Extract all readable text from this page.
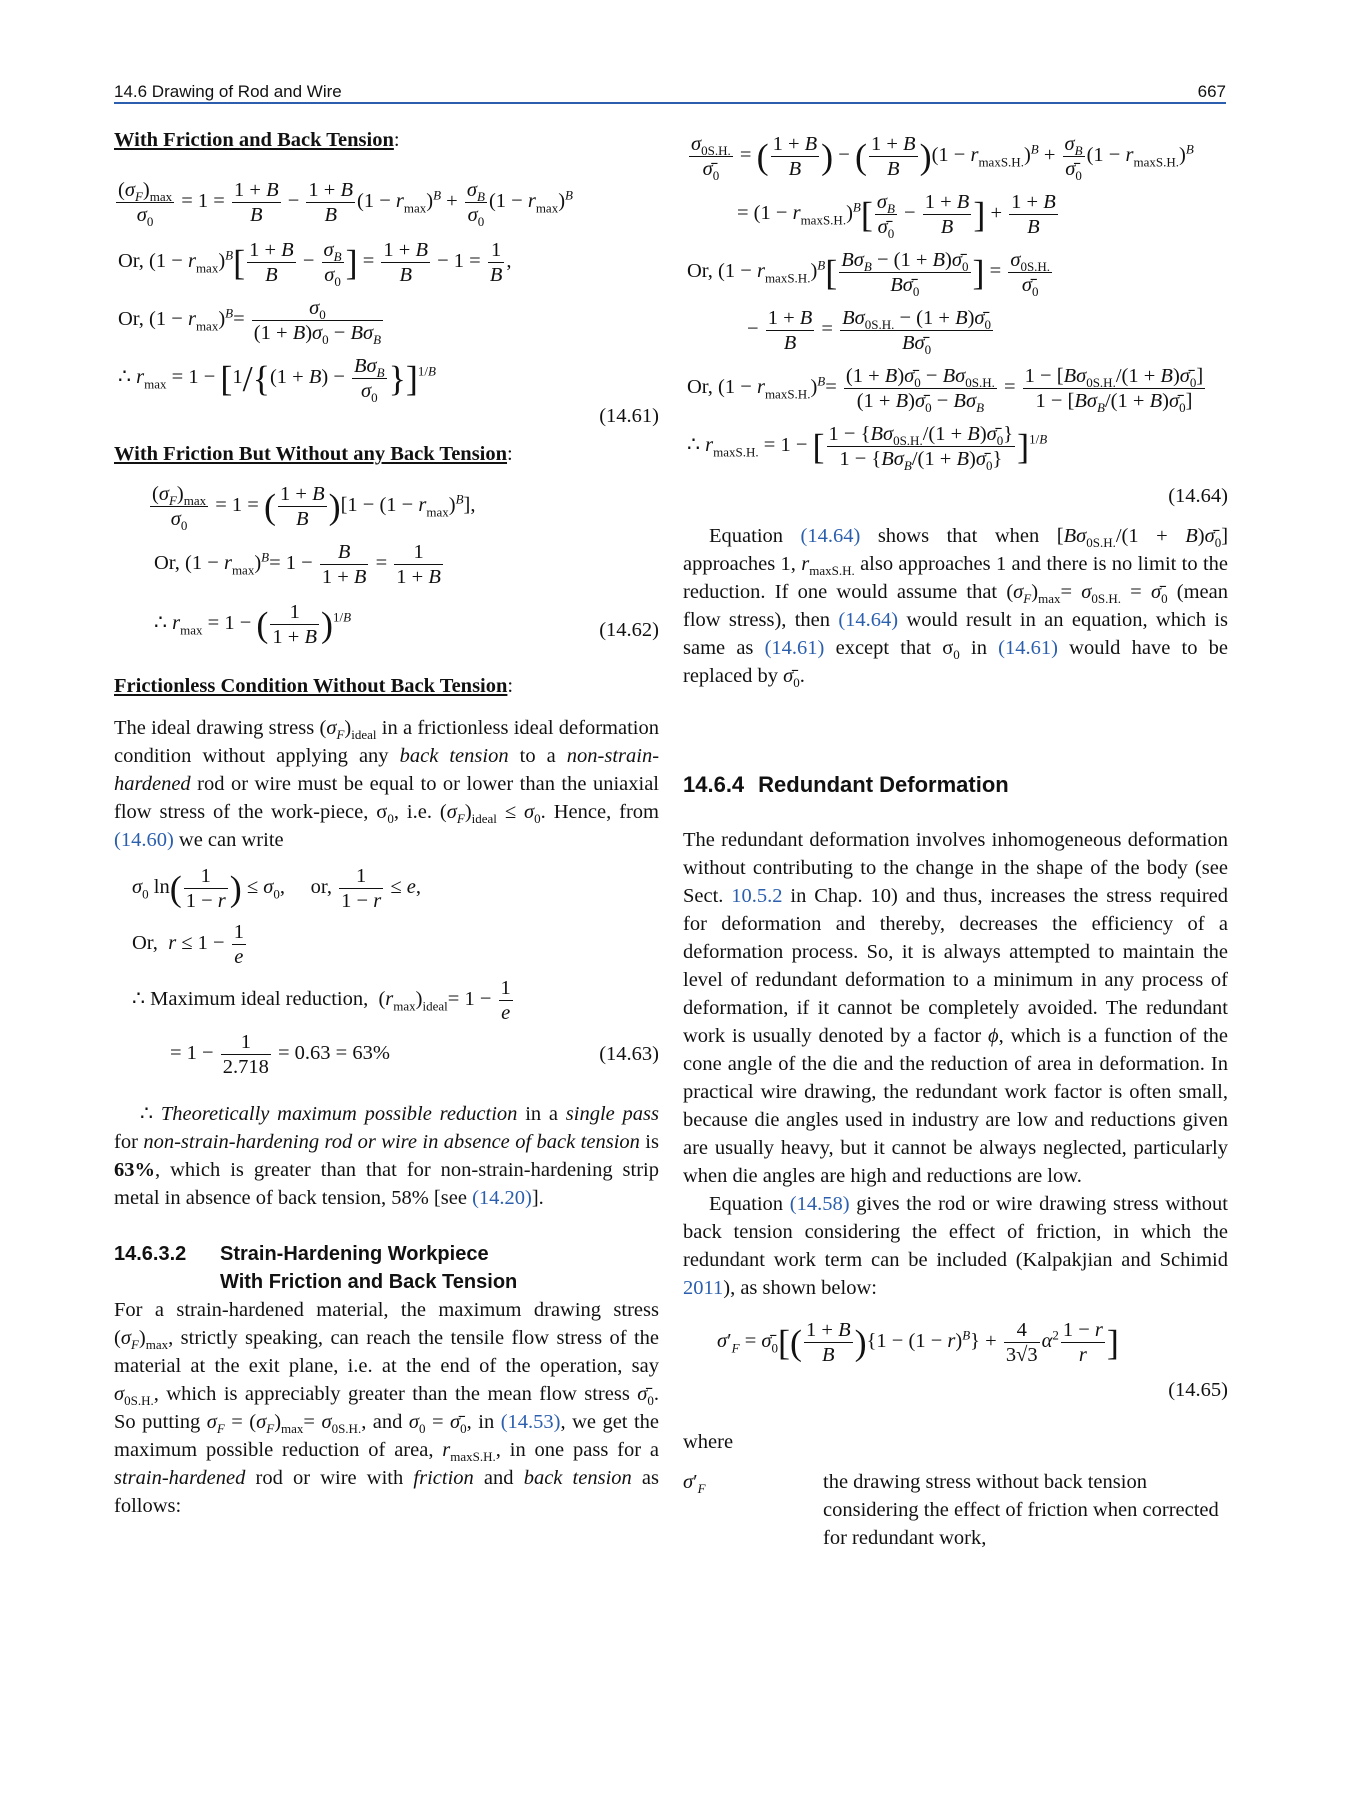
14.6 Drawing of Rod and Wire	667
With Friction and Back Tension:
$\frac{(\sigma_F)_{max}}{\sigma_0} = 1 = \frac{1 + B}{B} - \frac{1 + B}{B} (1 - r_{max})^B + \frac{\sigma_B}{\sigma_0} (1 - r_{max})^B$
Or, $(1 - r_{max})^B[ \frac{1 + B}{B} - \frac{\sigma_B}{\sigma_0}$ ] = $\frac{1 + B}{B} - 1 = \frac{1}{B}$ ,
Or, $(1 - r_{max})^B= \frac{\sigma_0}{(1 + B)\sigma_0 - B\sigma_B}$
∴ $r_{max} = 1 - [1/\{(1 + B) - \frac{B\sigma_B}{\sigma_0} \}]^{1/B}$
(14.61)
With Friction But Without any Back Tension:
$\frac{(\sigma_F)_{max}}{\sigma_0} = 1$ = ( $\frac{1 + B}{B} )[1 - (1 - r_{max})^B]$,
Or, $(1 - r_{max})^B= 1 - \frac{B}{1 + B} = \frac{1}{1 + B}$
∴ $r_{max} = 1$ − ( $\frac{1}{1 + B} )^{1/B}$
(14.62)
Frictionless Condition Without Back Tension:

The ideal drawing stress $(\sigma_F)_{ideal}$ in a frictionless ideal deformation condition without applying any back tension to a non-strain-hardened rod or wire must be equal to or lower than the uniaxial flow stress of the work-piece, $\sigma_0$, i.e. $(\sigma_F)_{ideal} \le \sigma_0$. Hence, from (14.60) we can write

$\sigma_0$ $\ln( \frac{1}{1 - r}$ ) ≤ $\sigma_0$,     or, $\frac{1}{1 - r} \le e$,
Or,  $r \le 1 - \frac{1}{e}$
∴ Maximum ideal reduction,  $(r_{max})_{ideal}= 1 - \frac{1}{e}$
= $1 - \frac{1}{2.718} = 0.63 = 63\%$	(14.63)

∴ Theoretically maximum possible reduction in a single pass for non-strain-hardening rod or wire in absence of back tension is 63%, which is greater than that for non-strain-hardening strip metal in absence of back tension, 58% [see (14.20)].

14.6.3.2 Strain-Hardening Workpiece

With Friction and Back Tension

For a strain-hardened material, the maximum drawing stress $(\sigma_F)_{max}$, strictly speaking, can reach the tensile flow stress of the material at the exit plane, i.e. at the end of the operation, say $\sigma_{0S.H.}$, which is appreciably greater than the mean flow stress $\sigmā_0$. So putting $\sigma_F = (\sigma_F)_{max}= \sigma_{0S.H.}$, and $\sigma_0$ = $\sigmā_0$, in (14.53), we get the maximum possible reduction of area, $r_{maxS.H.}$, in one pass for a strain-hardened rod or wire with friction and back tension as follows:

$\frac{\sigma_{0S.H.}}{\sigmā_0}$ = ( $\frac{1 + B}{B}$ ) − ( $\frac{1 + B}{B} )(1 - r_{maxS.H.})^B + \frac{\sigma_B}{\sigmā_0} (1 - r_{maxS.H.})^B$
= $(1 - r_{maxS.H.})^B[ \frac{\sigma_B}{\sigmā_0} - \frac{1 + B}{B}$ ] + $\frac{1 + B}{B}$
Or, $(1 - r_{maxS.H.})^B[ \frac{B\sigma_B - (1 + B)\sigmā_0}{B\sigmā_0}$ ] = $\frac{\sigma_{0S.H.}}{\sigmā_0}$
− $\frac{1 + B}{B} = \frac{B\sigma_{0S.H.} - (1 + B)\sigmā_0}{B\sigmā_0}$
Or, $(1 - r_{maxS.H.})^B= \frac{(1 + B)\sigmā_0 - B\sigma_{0S.H.}}{(1 + B)\sigmā_0 - B\sigma_B} = \frac{1 - [B\sigma_{0S.H.}/(1 + B)\sigmā_0]}{1 - [B\sigma_B/(1 + B)\sigmā_0]}$
∴ $r_{maxS.H.} = 1$ − [ $\frac{1 - \{B\sigma_{0S.H.}/(1 + B)\sigmā_0\}}{1 - \{B\sigma_B/(1 + B)\sigmā_0\}} ]^{1/B}$
(14.64)

Equation (14.64) shows that when [$B\sigma_{0S.H.}/(1$ + $B)\sigmā_0$] approaches 1, $r_{maxS.H.}$ also approaches 1 and there is no limit to the reduction. If one would assume that $(\sigma_F)_{max}= \sigma_{0S.H.}$ = $\sigmā_0$ (mean flow stress), then (14.64) would result in an equation, which is same as (14.61) except that $\sigma_0$ in (14.61) would have to be replaced by $\sigmā_0$.

14.6.4 Redundant Deformation

The redundant deformation involves inhomogeneous deformation without contributing to the change in the shape of the body (see Sect. 10.5.2 in Chap. 10) and thus, increases the stress required for deformation and thereby, decreases the efficiency of a deformation process. So, it is always attempted to maintain the level of redundant deformation to a minimum in any process of deformation, if it cannot be completely avoided. The redundant work is usually denoted by a factor ϕ, which is a function of the cone angle of the die and the reduction of area in deformation. In practical wire drawing, the redundant work factor is often small, because die angles used in industry are low and reductions given are usually heavy, but it cannot be always neglected, particularly when die angles are high and reductions are low.

Equation (14.58) gives the rod or wire drawing stress without back tension considering the effect of friction, in which the redundant work term can be included (Kalpakjian and Schimid 2011), as shown below:

$\sigma'_F$ = $\sigmā_0[( \frac{1 + B}{B} )\{1 - (1 - r)^B\} + \frac{4}{3√3} \alpha^2 \frac{1 - r}{r}$ ]
(14.65)

where

$\sigma'_F$	the drawing stress without back tension considering the effect of friction when corrected for redundant work,
